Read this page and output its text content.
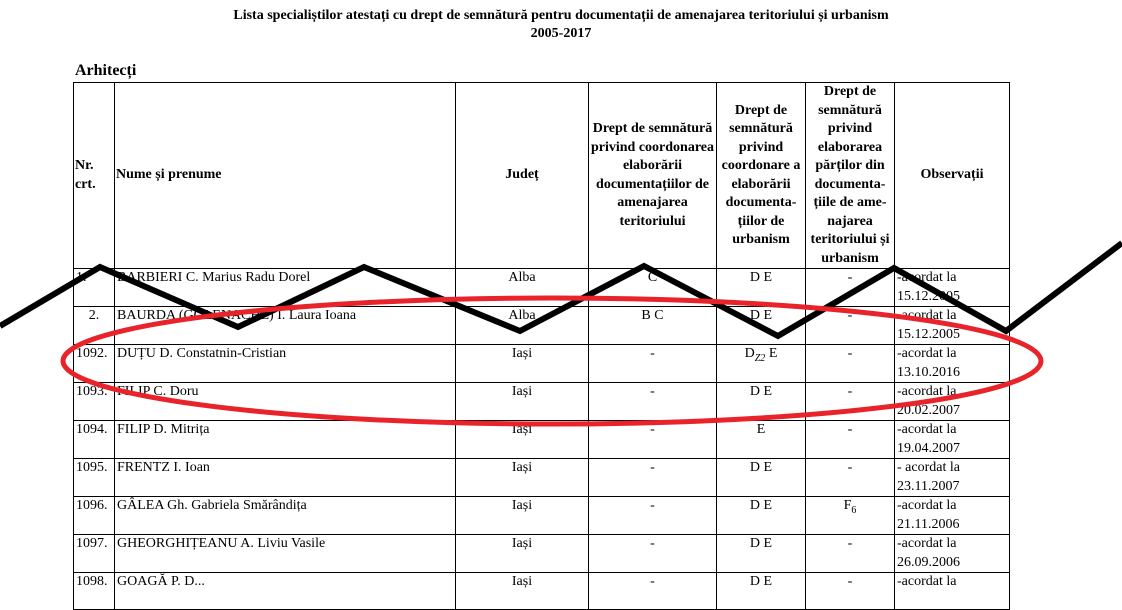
Lista specialiștilor atestați cu drept de semnătură pentru documentații de amenajarea teritoriului și urbanism
2005-2017
Arhitecți
Nr. crt.	Nume și prenume	Județ	Drept de semnătură privind coordonarea elaborării documentațiilor de amenajarea teritoriului	Drept de semnătură privind coordonare a elaborării documenta-țiilor de urbanism	Drept de semnătură privind elaborarea părților din documenta-țiile de ame-najarea teritoriului și urbanism	Observații
1.	BARBIERI C. Marius Radu Dorel	Alba	C	D E	-	-acordat la
15.12.2005

2.	BAURDA (GOLENACHE) I. Laura Ioana	Alba	B C	D E	-	-acordat la
15.12.2005

1092.	DUȚU D. Constatnin-Cristian	Iași	-	$D_{Z2}$ E	-	-acordat la
13.10.2016

1093.	FILIP C. Doru	Iași	-	D E	-	-acordat la
20.02.2007

1094.	FILIP D. Mitrița	Iași	-	E	-	-acordat la
19.04.2007

1095.	FRENTZ I. Ioan	Iași	-	D E	-	- acordat la
23.11.2007

1096.	GÂLEA Gh. Gabriela Smărândița	Iași	-	D E	$F_6$	-acordat la
21.11.2006

1097.	GHEORGHIȚEANU A. Liviu Vasile	Iași	-	D E	-	-acordat la
26.09.2006

1098.	GOAGĂ P. D...	Iași	-	D E	-	-acordat la
